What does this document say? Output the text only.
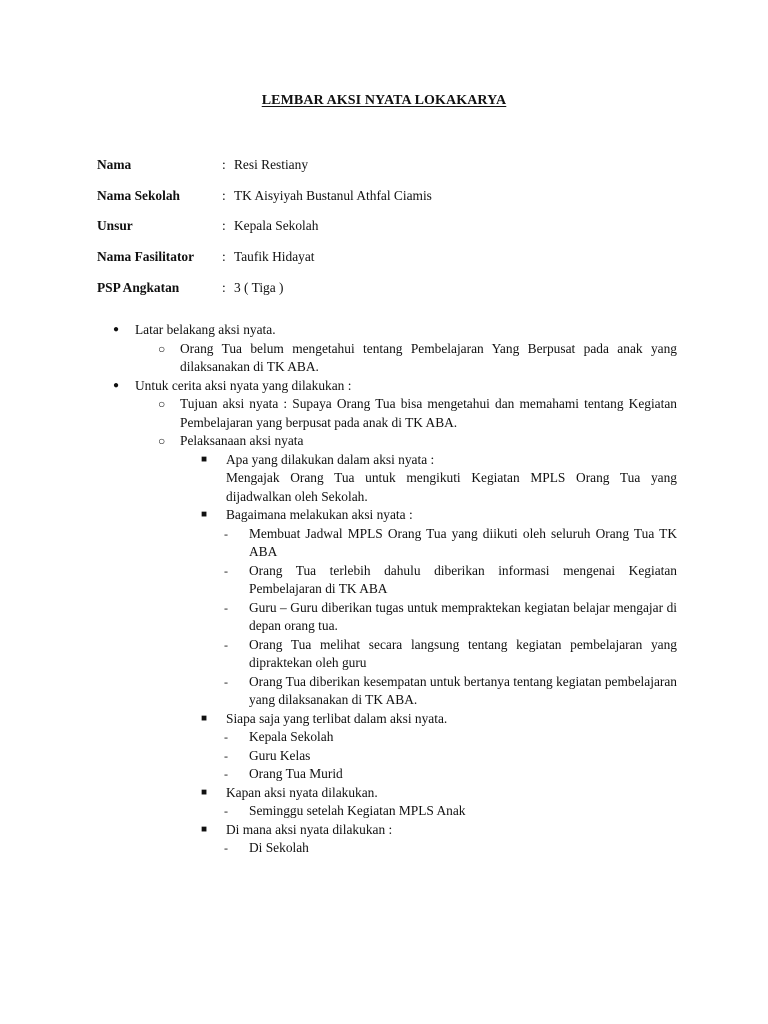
LEMBAR AKSI NYATA LOKAKARYA
Nama	: Resi Restiany
Nama Sekolah	: TK Aisyiyah Bustanul Athfal Ciamis
Unsur	: Kepala Sekolah
Nama Fasilitator	: Taufik Hidayat
PSP Angkatan	: 3 ( Tiga )
● Latar belakang aksi nyata.
○ Orang Tua belum mengetahui tentang Pembelajaran Yang Berpusat pada anak yang dilaksanakan di TK ABA.
● Untuk cerita aksi nyata yang dilakukan :
○ Tujuan aksi nyata : Supaya Orang Tua bisa mengetahui dan memahami tentang Kegiatan Pembelajaran yang berpusat pada anak di TK ABA.
○ Pelaksanaan aksi nyata
■ Apa yang dilakukan dalam aksi nyata :
Mengajak Orang Tua untuk mengikuti Kegiatan MPLS Orang Tua yang dijadwalkan oleh Sekolah.
■ Bagaimana melakukan aksi nyata :
- Membuat Jadwal MPLS Orang Tua yang diikuti oleh seluruh Orang Tua TK ABA
- Orang Tua terlebih dahulu diberikan informasi mengenai Kegiatan Pembelajaran di TK ABA
- Guru – Guru diberikan tugas untuk mempraktekan kegiatan belajar mengajar di depan orang tua.
- Orang Tua melihat secara langsung tentang kegiatan pembelajaran yang dipraktekan oleh guru
- Orang Tua diberikan kesempatan untuk bertanya tentang kegiatan pembelajaran yang dilaksanakan di TK ABA.
■ Siapa saja yang terlibat dalam aksi nyata.
- Kepala Sekolah
- Guru Kelas
- Orang Tua Murid
■ Kapan aksi nyata dilakukan.
- Seminggu setelah Kegiatan MPLS Anak
■ Di mana aksi nyata dilakukan :
- Di Sekolah
